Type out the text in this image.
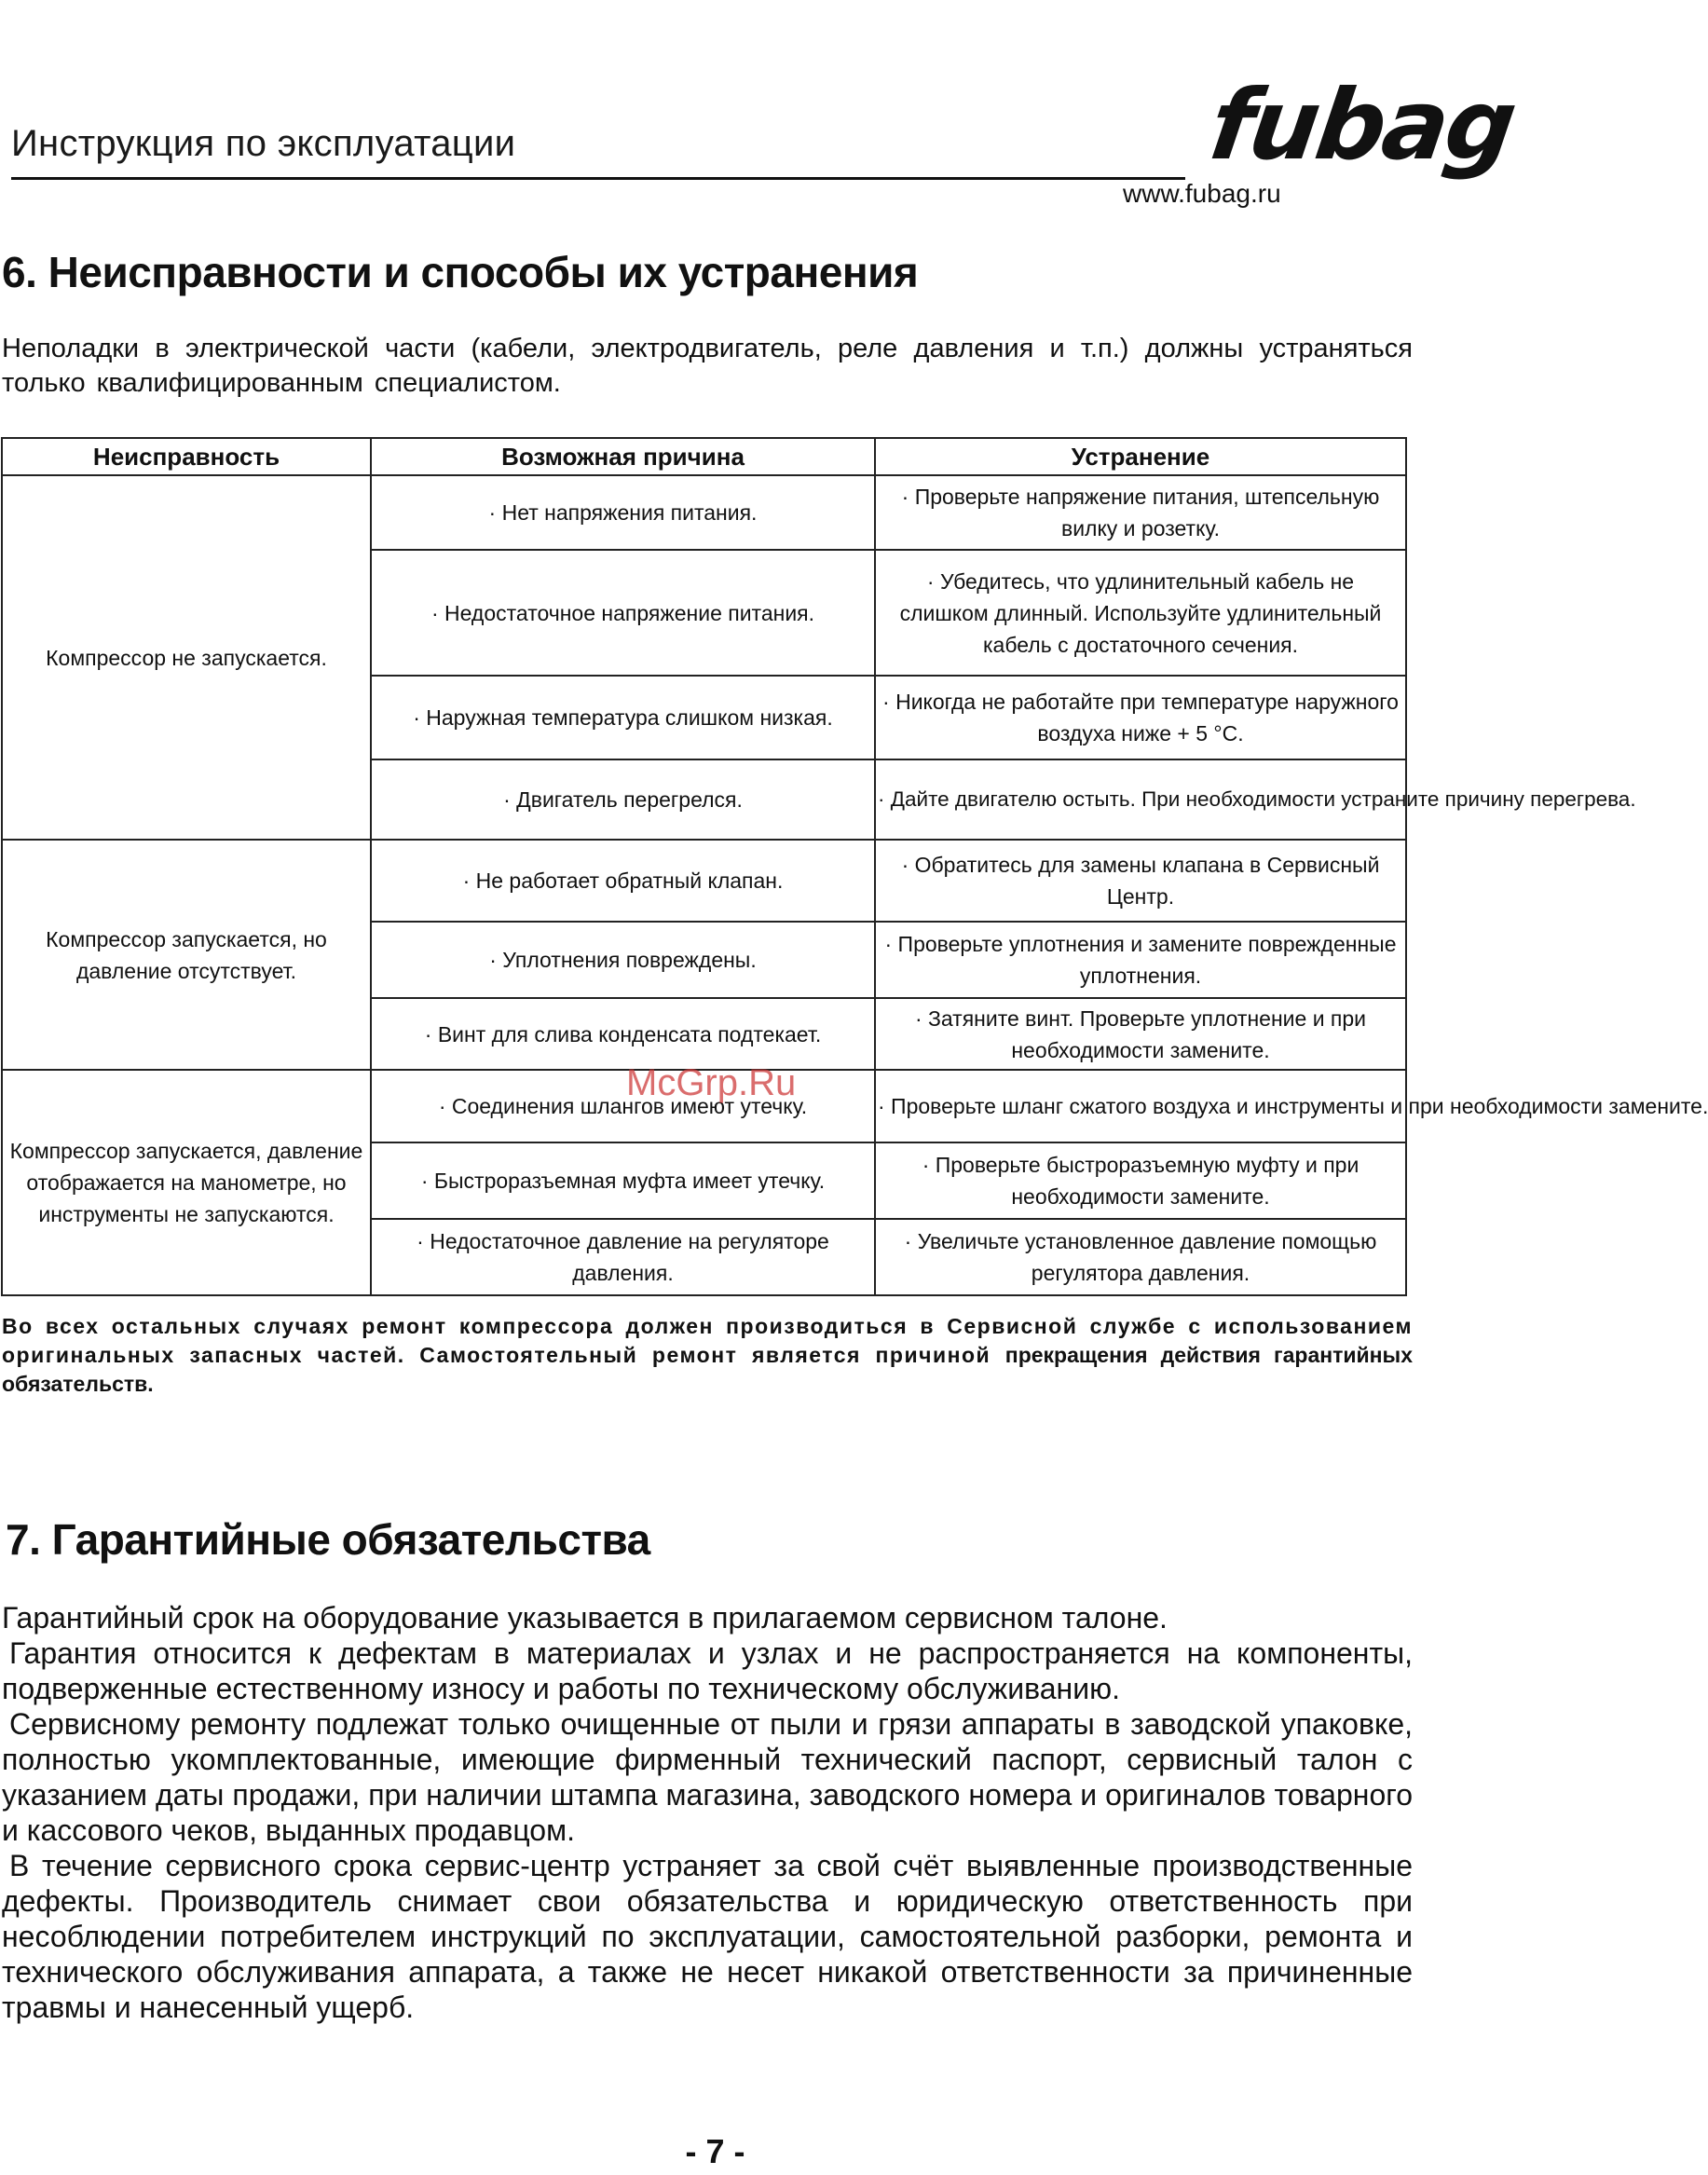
Инструкция по эксплуатации	fubag
www.fubag.ru
6. Неисправности и способы их устранения
Неполадки в электрической части (кабели, электродвигатель, реле давления и т.п.) должны устраняться только квалифицированным специалистом.
Неисправность	Возможная причина	Устранение
Компрессор не запускается.	· Нет напряжения питания.	· Проверьте напряжение питания, штепсельную вилку и розетку.
	· Недостаточное напряжение питания.	· Убедитесь, что удлинительный кабель не слишком длинный. Используйте удлинительный кабель с достаточного сечения.
	· Наружная температура слишком низкая.	· Никогда не работайте при температуре наружного воздуха ниже + 5 °С.
	· Двигатель перегрелся.	· Дайте двигателю остыть. При необходимости устраните причину перегрева.
Компрессор запускается, но давление отсутствует.	· Не работает обратный клапан.	· Обратитесь для замены клапана в Сервисный Центр.
	· Уплотнения повреждены.	· Проверьте уплотнения и замените поврежденные уплотнения.
	· Винт для слива конденсата подтекает.	· Затяните винт. Проверьте уплотнение и при необходимости замените.
Компрессор запускается, давление отображается на манометре, но инструменты не запускаются.	· Соединения шлангов имеют утечку.	· Проверьте шланг сжатого воздуха и инструменты и при необходимости замените.
	· Быстроразъемная муфта имеет утечку.	· Проверьте быстроразъемную муфту и при необходимости замените.
	· Недостаточное давление на регуляторе давления.	· Увеличьте установленное давление помощью регулятора давления.
McGrp.Ru
Во всех остальных случаях ремонт компрессора должен производиться в Сервисной службе с использованием оригинальных запасных частей. Самостоятельный ремонт является причиной прекращения действия гарантийных обязательств.
7. Гарантийные обязательства

Гарантийный срок на оборудование указывается в прилагаемом сервисном талоне.

Гарантия относится к дефектам в материалах и узлах и не распространяется на компоненты, подверженные естественному износу и работы по техническому обслуживанию.

Сервисному ремонту подлежат только очищенные от пыли и грязи аппараты в заводской упаковке, полностью укомплектованные, имеющие фирменный технический паспорт, сервисный талон с указанием даты продажи, при наличии штампа магазина, заводского номера и оригиналов товарного и кассового чеков, выданных продавцом.

В течение сервисного срока сервис-центр устраняет за свой счёт выявленные производственные дефекты. Производитель снимает свои обязательства и юридическую ответственность при несоблюдении потребителем инструкций по эксплуатации, самостоятельной разборки, ремонта и технического обслуживания аппарата, а также не несет никакой ответственности за причиненные травмы и нанесенный ущерб.

- 7 -
